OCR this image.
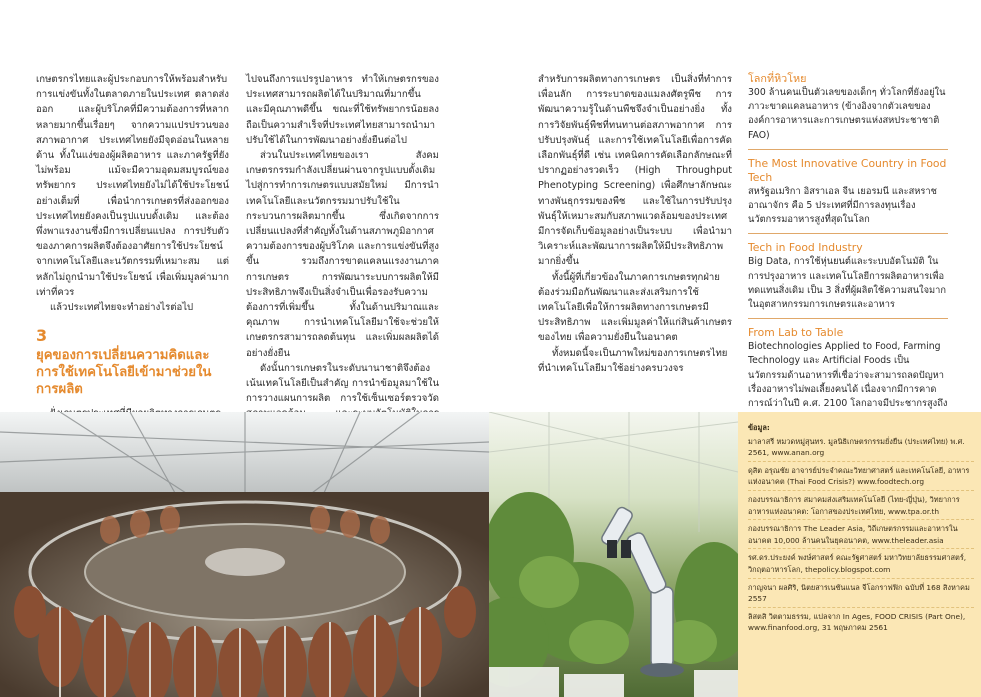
เกษตรกรไทยและผู้ประกอบการให้พร้อมสำหรับการแข่งขันทั้งในตลาดภายในประเทศ ตลาดส่งออก และผู้บริโภคที่มีความต้องการที่หลากหลายมากขึ้นเรื่อยๆ จากความแปรปรวนของสภาพอากาศ ประเทศไทยยังมีจุดอ่อนในหลายด้าน ทั้งในแง่ของผู้ผลิตอาหาร และภาครัฐที่ยังไม่พร้อม แม้จะมีความอุดมสมบูรณ์ของทรัพยากร ประเทศไทยยังไม่ได้ใช้ประโยชน์อย่างเต็มที่ เพื่อนำการเกษตรที่ส่งออกของประเทศไทยยังคงเป็นรูปแบบดั้งเดิม และต้องพึ่งพาแรงงานซึ่งมีการเปลี่ยนแปลง การปรับตัวของภาคการผลิตจึงต้องอาศัยการใช้ประโยชน์จากเทคโนโลยีและนวัตกรรมที่เหมาะสม แต่หลักไม่ถูกนำมาใช้ประโยชน์ เพื่อเพิ่มมูลค่ามากเท่าที่ควร

แล้วประเทศไทยจะทำอย่างไรต่อไป

3
ยุคของการเปลี่ยนความคิดและการใช้เทคโนโลยีเข้ามาช่วยในการผลิต

ไปจนถึงการแปรรูปอาหาร ทำให้เกษตรกรของประเทศสามารถผลิตได้ในปริมาณที่มากขึ้น และมีคุณภาพดีขึ้น ขณะที่ใช้ทรัพยากรน้อยลง ถือเป็นความสำเร็จที่ประเทศไทยสามารถนำมาปรับใช้ได้ในการพัฒนาอย่างยั่งยืนต่อไป

ส่วนในประเทศไทยของเรา สังคมเกษตรกรรมกำลังเปลี่ยนผ่านจากรูปแบบดั้งเดิมไปสู่การทำการเกษตรแบบสมัยใหม่ มีการนำเทคโนโลยีและนวัตกรรมมาปรับใช้ในกระบวนการผลิตมากขึ้น ซึ่งเกิดจากการเปลี่ยนแปลงที่สำคัญทั้งในด้านสภาพภูมิอากาศ ความต้องการของผู้บริโภค และการแข่งขันที่สูงขึ้น รวมถึงการขาดแคลนแรงงานภาคการเกษตร การพัฒนาระบบการผลิตให้มีประสิทธิภาพจึงเป็นสิ่งจำเป็นเพื่อรองรับความต้องการที่เพิ่มขึ้น ทั้งในด้านปริมาณและคุณภาพ การนำเทคโนโลยีมาใช้จะช่วยให้เกษตรกรสามารถลดต้นทุน และเพิ่มผลผลิตได้อย่างยั่งยืน

ดังนั้นการเกษตรในระดับนานาชาติจึงต้องเน้นเทคโนโลยีเป็นสำคัญ การนำข้อมูลมาใช้ในการวางแผนการผลิต การใช้เซ็นเซอร์ตรวจวัด

สำหรับการผลิตทางการเกษตร เป็นสิ่งที่ทำการเพื่อนลัก การระบาดของแมลงศัตรูพืช การพัฒนาความรู้ในด้านพืชจึงจำเป็นอย่างยิ่ง ทั้งการวิจัยพันธุ์พืชที่ทนทานต่อสภาพอากาศ การปรับปรุงพันธุ์ และการใช้เทคโนโลยีเพื่อการคัดเลือกพันธุ์ที่ดี เช่น เทคนิคการคัดเลือกลักษณะที่ปรากฏอย่างรวดเร็ว (High Throughput Phenotyping Screening) เพื่อศึกษาลักษณะทางพันธุกรรมของพืช และใช้ในการปรับปรุงพันธุ์ให้เหมาะสมกับสภาพแวดล้อมของประเทศ มีการจัดเก็บข้อมูลอย่างเป็นระบบ เพื่อนำมาวิเคราะห์และพัฒนาการผลิตให้มีประสิทธิภาพมากยิ่งขึ้น

ทั้งนี้ผู้ที่เกี่ยวข้องในภาคการเกษตรทุกฝ่ายต้องร่วมมือกันพัฒนาและส่งเสริมการใช้เทคโนโลยีเพื่อให้การผลิตทางการเกษตรมีประสิทธิภาพ และเพิ่มมูลค่าให้แก่สินค้าเกษตรของไทย เพื่อความยั่งยืนในอนาคต

ทั้งหมดนี้จะเป็นภาพใหม่ของการเกษตรไทยที่นำเทคโนโลยีมาใช้อย่างครบวงจร

โลกที่หิวโหย
300 ล้านคนเป็นตัวเลขของเด็กๆ ทั่วโลกที่ยังอยู่ในภาวะขาดแคลนอาหาร (ข้างอิงจากตัวเลขขององค์การอาหารและการเกษตรแห่งสหประชาชาติ FAO)
The Most Innovative Country in Food Tech
สหรัฐอเมริกา อิสราเอล จีน เยอรมนี และสหราชอาณาจักร คือ 5 ประเทศที่มีการลงทุนเรื่องนวัตกรรมอาหารสูงที่สุดในโลก
Tech in Food Industry
Big Data, การใช้หุ่นยนต์และระบบอัตโนมัติ ในการปรุงอาหาร และเทคโนโลยีการผลิตอาหารเพื่อทดแทนสิ่งเดิม เป็น 3 สิ่งที่ผู้ผลิตใช้ความสนใจมากในอุตสาหกรรมการเกษตรและอาหาร
From Lab to Table
Biotechnologies Applied to Food, Farming Technology และ Artificial Foods เป็นนวัตกรรมด้านอาหารที่เชื่อว่าจะสามารถลดปัญหาเรื่องอาหารไม่พอเลี้ยงคนได้ เนื่องจากมีการคาดการณ์ว่าในปี ค.ศ. 2100 โลกอาจมีประชากรสูงถึง
ข้อมูล:

มาลาสรี หมวดหมู่สุนทร. มูลนิธิเกษตรกรรมยั่งยืน (ประเทศไทย) พ.ศ. 2561, www.anan.org

ดุสิต อรุณชัย อาจารย์ประจำคณะวิทยาศาสตร์ และเทคโนโลยี, อาหารแห่งอนาคต (Thai Food Crisis?) www.foodtech.org

กองบรรณาธิการ สมาคมส่งเสริมเทคโนโลยี (ไทย-ญี่ปุ่น), วิทยาการอาหารแห่งอนาคต: โอกาสของประเทศไทย, www.tpa.or.th

กองบรรณาธิการ The Leader Asia, วิถีเกษตรกรรมและอาหารในอนาคต 10,000 ล้านคนในยุคอนาคต, www.theleader.asia

รศ.ดร.ประยงค์ พงษ์ศาสตร์ คณะรัฐศาสตร์ มหาวิทยาลัยธรรมศาสตร์, วิกฤตอาหารโลก, thepolicy.blogspot.com

กาญจนา ผลศิริ, นิตยสารเนชันแนล จีโอกราฟฟิก ฉบับที่ 168 สิงหาคม 2557

ลิสตสิ วิตตามธรรม, แปลจาก In Ages, FOOD CRISIS (Part One), www.finanfood.org, 31 พฤษภาคม 2561
